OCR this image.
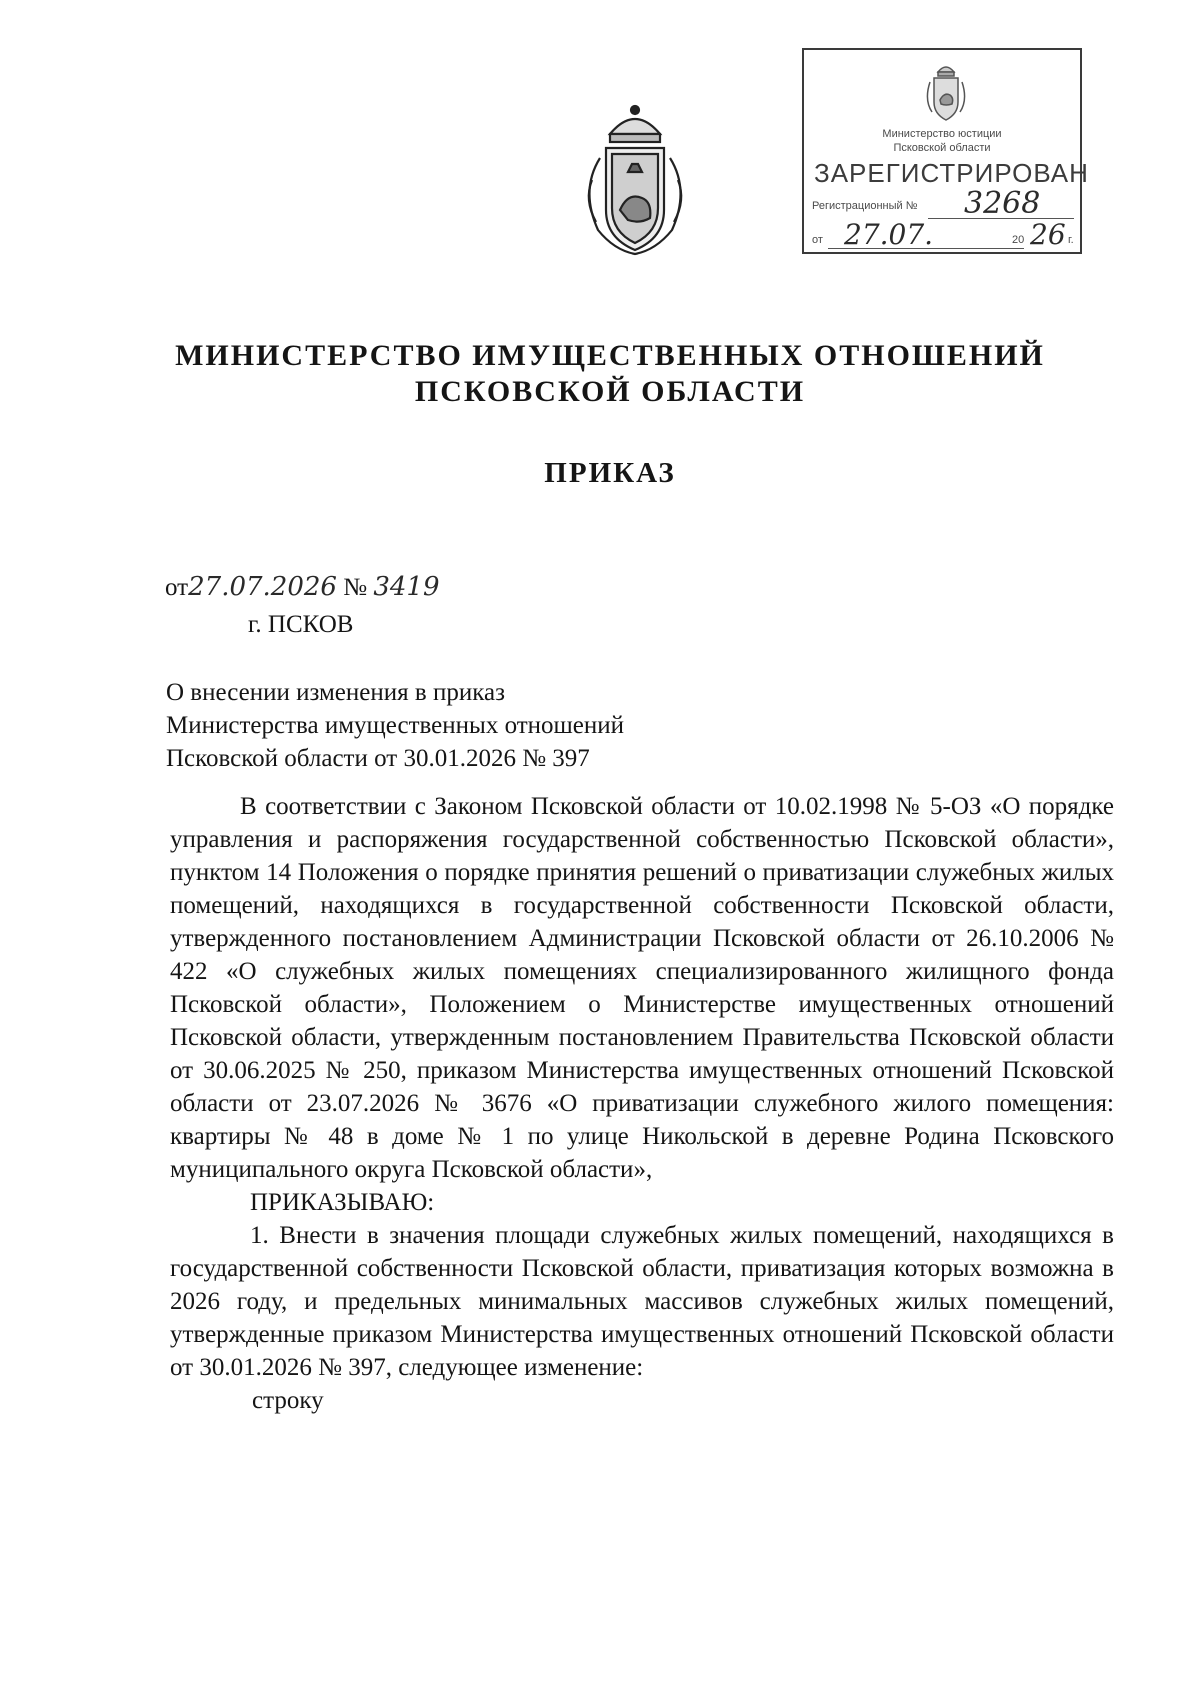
Министерство юстиции
Псковской области
ЗАРЕГИСТРИРОВАН
Регистрационный № 3268
от 27.07.	20 26 г.
МИНИСТЕРСТВО ИМУЩЕСТВЕННЫХ ОТНОШЕНИЙ
ПСКОВСКОЙ ОБЛАСТИ
ПРИКАЗ
от27.07.2026 № 3419
г. ПСКОВ
О внесении изменения в приказ
Министерства имущественных отношений
Псковской области от 30.01.2026 № 397

В соответствии с Законом Псковской области от 10.02.1998 № 5-ОЗ «О порядке управления и распоряжения государственной собственностью Псковской области», пунктом 14 Положения о порядке принятия решений о приватизации служебных жилых помещений, находящихся в государственной собственности Псковской области, утвержденного постановлением Администрации Псковской области от 26.10.2006 № 422 «О служебных жилых помещениях специализированного жилищного фонда Псковской области», Положением о Министерстве имущественных отношений Псковской области, утвержденным постановлением Правительства Псковской области от 30.06.2025 № 250, приказом Министерства имущественных отношений Псковской области от 23.07.2026 № 3676 «О приватизации служебного жилого помещения: квартиры № 48 в доме № 1 по улице Никольской в деревне Родина Псковского муниципального округа Псковской области»,

ПРИКАЗЫВАЮ:

1. Внести в значения площади служебных жилых помещений, находящихся в государственной собственности Псковской области, приватизация которых возможна в 2026 году, и предельных минимальных массивов служебных жилых помещений, утвержденные приказом Министерства имущественных отношений Псковской области от 30.01.2026 № 397, следующее изменение:

строку
